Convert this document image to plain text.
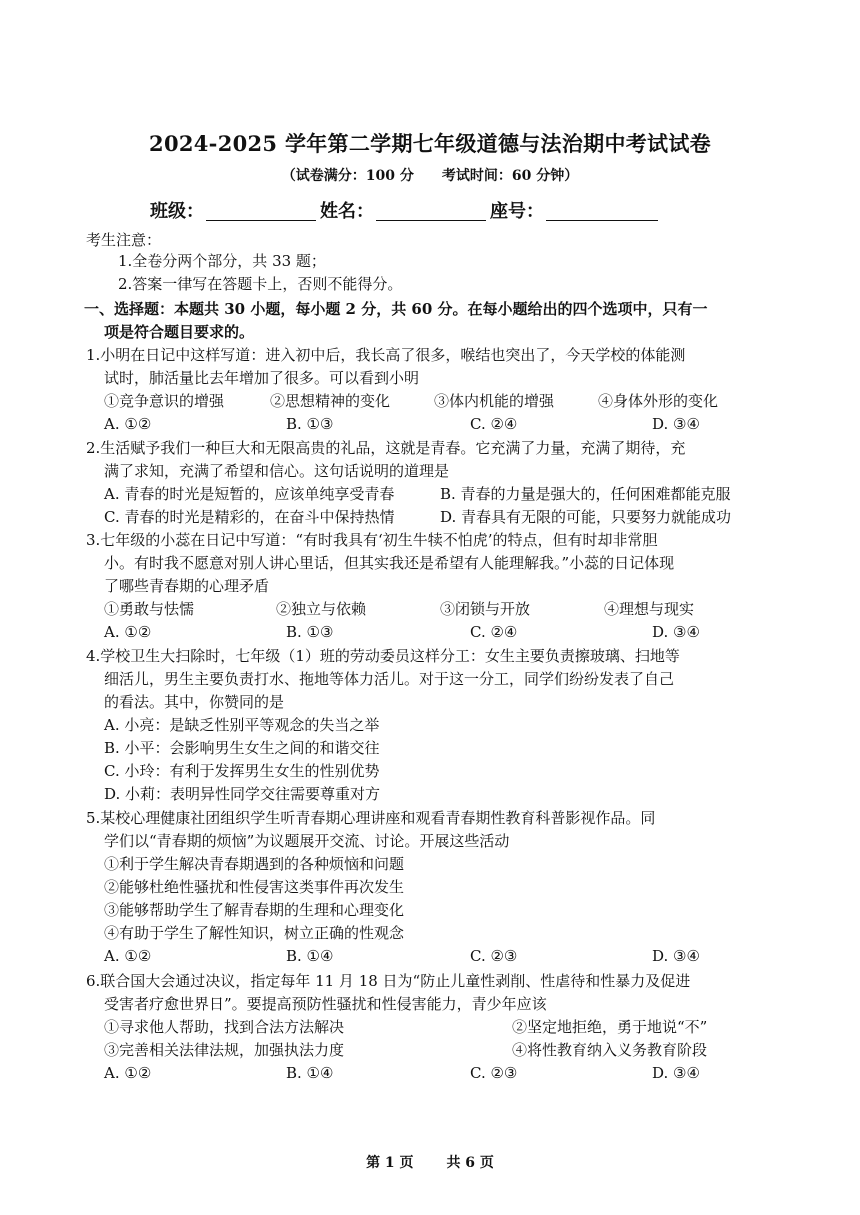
2024-2025 学年第二学期七年级道德与法治期中考试试卷
（试卷满分：100 分　　考试时间：60 分钟）
班级：	姓名：	座号：
考生注意：
1.全卷分两个部分，共 33 题；
2.答案一律写在答题卡上，否则不能得分。
一、选择题：本题共 30 小题，每小题 2 分，共 60 分。在每小题给出的四个选项中，只有一
项是符合题目要求的。
1.小明在日记中这样写道：进入初中后，我长高了很多，喉结也突出了，今天学校的体能测
试时，肺活量比去年增加了很多。可以看到小明
①竞争意识的增强	②思想精神的变化	③体内机能的增强	④身体外形的变化
A. ①②	B. ①③	C. ②④	D. ③④
2.生活赋予我们一种巨大和无限高贵的礼品，这就是青春。它充满了力量，充满了期待，充
满了求知，充满了希望和信心。这句话说明的道理是
A. 青春的时光是短暂的，应该单纯享受青春	B. 青春的力量是强大的，任何困难都能克服
C. 青春的时光是精彩的，在奋斗中保持热情	D. 青春具有无限的可能，只要努力就能成功
3.七年级的小蕊在日记中写道：“有时我具有‘初生牛犊不怕虎’的特点，但有时却非常胆
小。有时我不愿意对别人讲心里话，但其实我还是希望有人能理解我。”小蕊的日记体现
了哪些青春期的心理矛盾
①勇敢与怯懦	②独立与依赖	③闭锁与开放	④理想与现实
A. ①②	B. ①③	C. ②④	D. ③④
4.学校卫生大扫除时，七年级（1）班的劳动委员这样分工：女生主要负责擦玻璃、扫地等
细活儿，男生主要负责打水、拖地等体力活儿。对于这一分工，同学们纷纷发表了自己
的看法。其中，你赞同的是
A. 小亮：是缺乏性别平等观念的失当之举
B. 小平：会影响男生女生之间的和谐交往
C. 小玲：有利于发挥男生女生的性别优势
D. 小莉：表明异性同学交往需要尊重对方
5.某校心理健康社团组织学生听青春期心理讲座和观看青春期性教育科普影视作品。同
学们以“青春期的烦恼”为议题展开交流、讨论。开展这些活动
①利于学生解决青春期遇到的各种烦恼和问题
②能够杜绝性骚扰和性侵害这类事件再次发生
③能够帮助学生了解青春期的生理和心理变化
④有助于学生了解性知识，树立正确的性观念
A. ①②	B. ①④	C. ②③	D. ③④
6.联合国大会通过决议，指定每年 11 月 18 日为“防止儿童性剥削、性虐待和性暴力及促进
受害者疗愈世界日”。要提高预防性骚扰和性侵害能力，青少年应该
①寻求他人帮助，找到合法方法解决	②坚定地拒绝，勇于地说“不”
③完善相关法律法规，加强执法力度	④将性教育纳入义务教育阶段
A. ①②	B. ①④	C. ②③	D. ③④
第 1 页 共 6 页
